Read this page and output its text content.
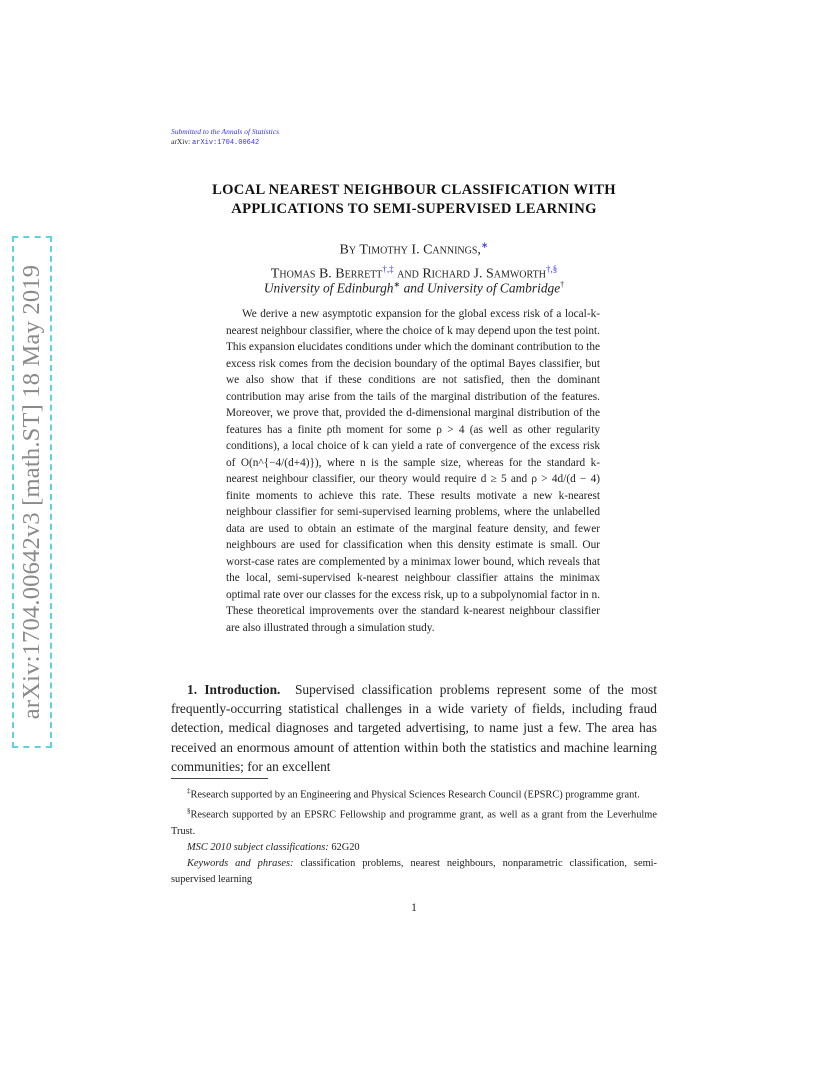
arXiv:1704.00642v3 [math.ST] 18 May 2019
Submitted to the Annals of Statistics
arXiv: arXiv:1704.00642
LOCAL NEAREST NEIGHBOUR CLASSIFICATION WITH
APPLICATIONS TO SEMI-SUPERVISED LEARNING
By Timothy I. Cannings,∗
Thomas B. Berrett†,‡ and Richard J. Samworth†,§
University of Edinburgh∗ and University of Cambridge†

We derive a new asymptotic expansion for the global excess risk of a local-k-nearest neighbour classifier, where the choice of k may depend upon the test point. This expansion elucidates conditions under which the dominant contribution to the excess risk comes from the decision boundary of the optimal Bayes classifier, but we also show that if these conditions are not satisfied, then the dominant contribution may arise from the tails of the marginal distribution of the features. Moreover, we prove that, provided the d-dimensional marginal distribution of the features has a finite ρth moment for some ρ > 4 (as well as other regularity conditions), a local choice of k can yield a rate of convergence of the excess risk of O(n^{−4/(d+4)}), where n is the sample size, whereas for the standard k-nearest neighbour classifier, our theory would require d ≥ 5 and ρ > 4d/(d − 4) finite moments to achieve this rate. These results motivate a new k-nearest neighbour classifier for semi-supervised learning problems, where the unlabelled data are used to obtain an estimate of the marginal feature density, and fewer neighbours are used for classification when this density estimate is small. Our worst-case rates are complemented by a minimax lower bound, which reveals that the local, semi-supervised k-nearest neighbour classifier attains the minimax optimal rate over our classes for the excess risk, up to a subpolynomial factor in n. These theoretical improvements over the standard k-nearest neighbour classifier are also illustrated through a simulation study.

1. Introduction. Supervised classification problems represent some of the most frequently-occurring statistical challenges in a wide variety of fields, including fraud detection, medical diagnoses and targeted advertising, to name just a few. The area has received an enormous amount of attention within both the statistics and machine learning communities; for an excellent

‡Research supported by an Engineering and Physical Sciences Research Council (EPSRC) programme grant.

§Research supported by an EPSRC Fellowship and programme grant, as well as a grant from the Leverhulme Trust.

MSC 2010 subject classifications: 62G20

Keywords and phrases: classification problems, nearest neighbours, nonparametric classification, semi-supervised learning

1
